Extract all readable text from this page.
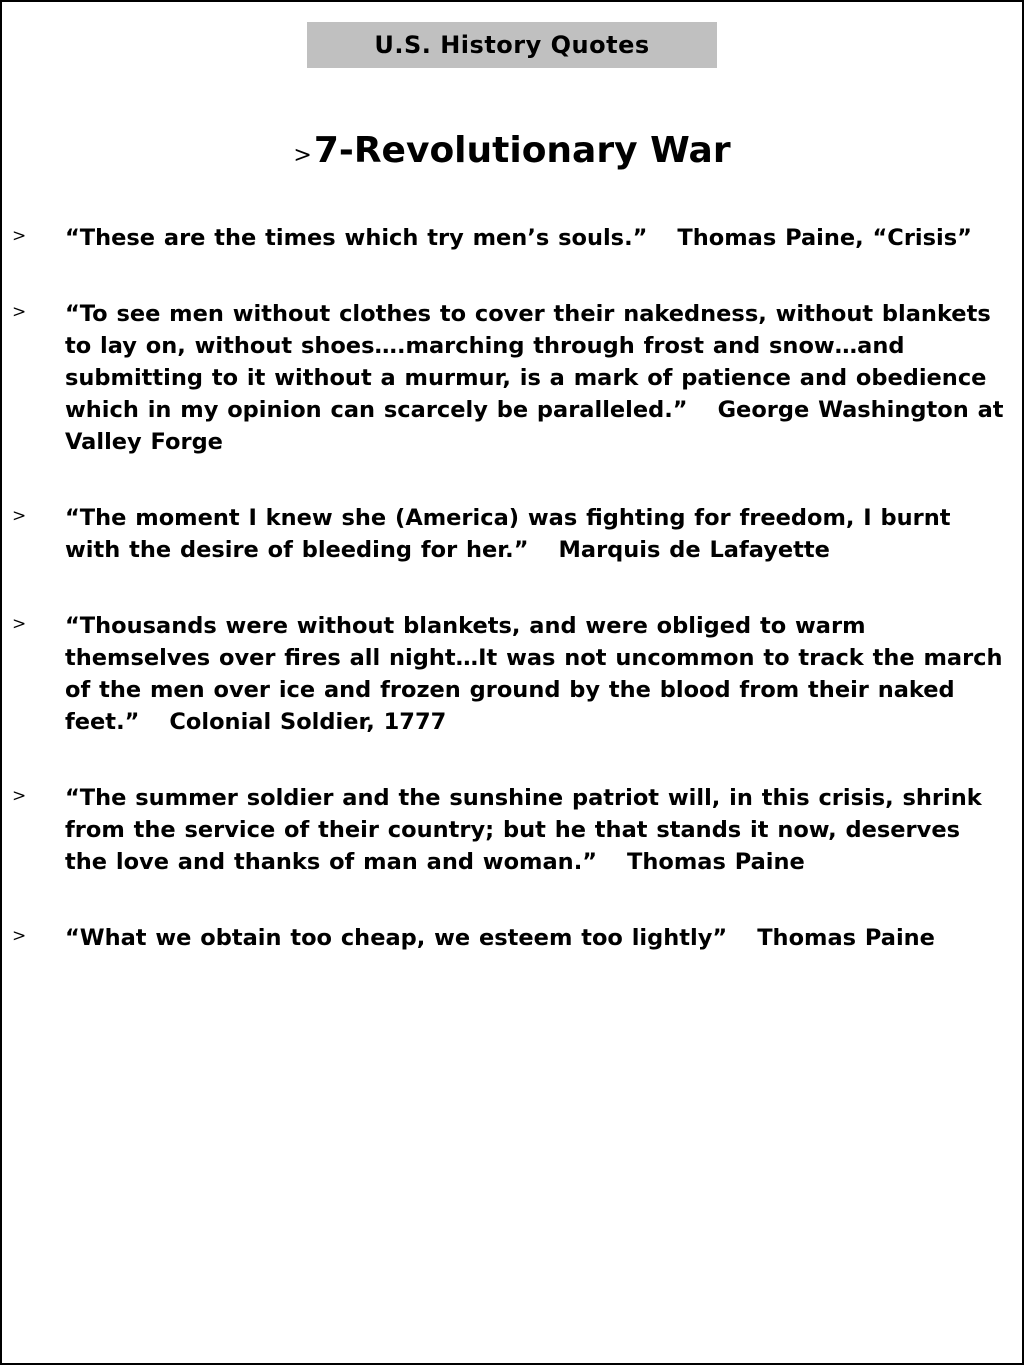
U.S. History Quotes
> 7-Revolutionary War
> “These are the times which try men’s souls.” Thomas Paine, “Crisis”
> “To see men without clothes to cover their nakedness, without blankets to lay on, without shoes….marching through frost and snow…and submitting to it without a murmur, is a mark of patience and obedience which in my opinion can scarcely be paralleled.” George Washington at Valley Forge
> “The moment I knew she (America) was fighting for freedom, I burnt with the desire of bleeding for her.” Marquis de Lafayette
> “Thousands were without blankets, and were obliged to warm themselves over fires all night…It was not uncommon to track the march of the men over ice and frozen ground by the blood from their naked feet.” Colonial Soldier, 1777
> “The summer soldier and the sunshine patriot will, in this crisis, shrink from the service of their country; but he that stands it now, deserves the love and thanks of man and woman.” Thomas Paine
> “What we obtain too cheap, we esteem too lightly” Thomas Paine
